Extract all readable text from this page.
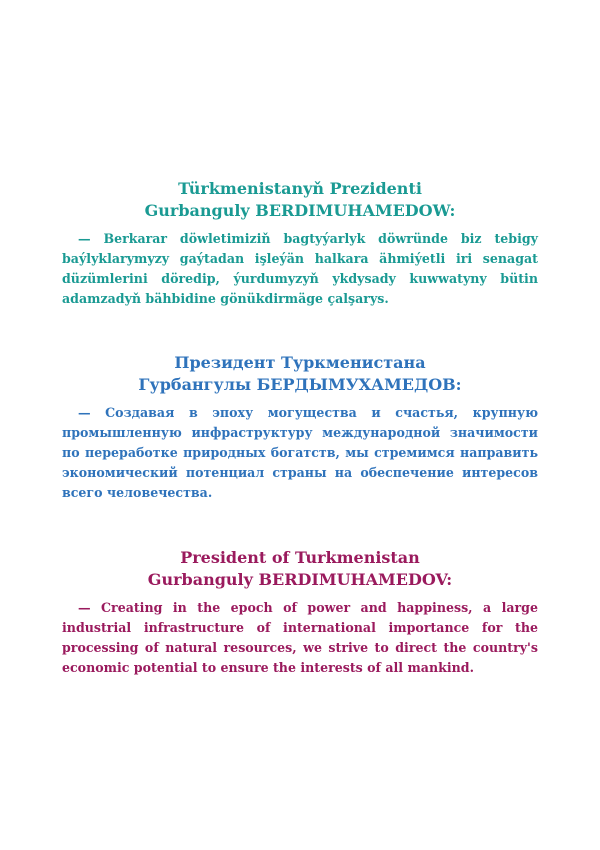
Türkmenistanyň Prezidenti
Gurbanguly BERDIMUHAMEDOW:

— Berkarar döwletimiziň bagtyýarlyk döwründe biz tebigy baýlyklarymyzy gaýtadan işleýän halkara ähmiýetli iri senagat düzümlerini döredip, ýurdumyzyň ykdysady kuwwatyny bütin adamzadyň bähbidine gönükdirmäge çalşarys.

Президент Туркменистана
Гурбангулы БЕРДЫМУХАМЕДОВ:

— Создавая в эпоху могущества и счастья, крупную промышленную инфраструктуру международной значимости по переработке природных богатств, мы стремимся направить экономический потенциал страны на обеспечение интересов всего человечества.

President of Turkmenistan
Gurbanguly BERDIMUHAMEDOV:

— Creating in the epoch of power and happiness, a large industrial infrastructure of international importance for the processing of natural resources, we strive to direct the country's economic potential to ensure the interests of all mankind.
